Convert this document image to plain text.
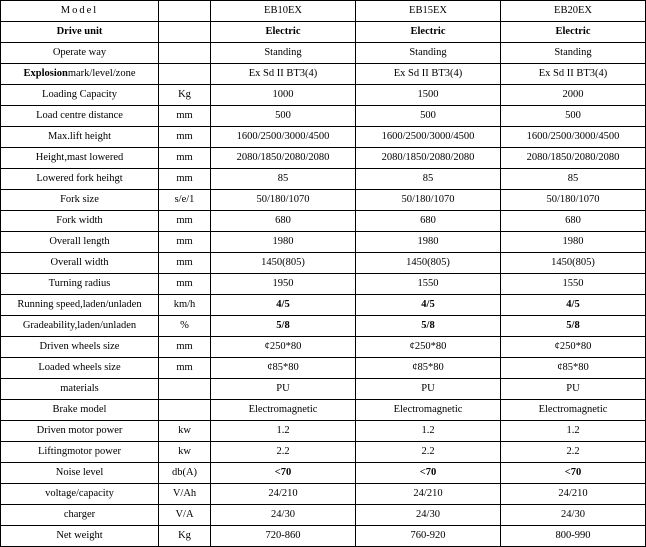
Model		EB10EX	EB15EX	EB20EX
Drive unit		Electric	Electric	Electric
Operate way		Standing	Standing	Standing
Explosionmark/level/zone		Ex Sd II BT3(4)	Ex Sd II BT3(4)	Ex Sd II BT3(4)
Loading Capacity	Kg	1000	1500	2000
Load centre distance	mm	500	500	500
Max.lift height	mm	1600/2500/3000/4500	1600/2500/3000/4500	1600/2500/3000/4500
Height,mast lowered	mm	2080/1850/2080/2080	2080/1850/2080/2080	2080/1850/2080/2080
Lowered fork heihgt	mm	85	85	85
Fork size	s/e/1	50/180/1070	50/180/1070	50/180/1070
Fork width	mm	680	680	680
Overall length	mm	1980	1980	1980
Overall width	mm	1450(805)	1450(805)	1450(805)
Turning radius	mm	1950	1550	1550
Running speed,laden/unladen	km/h	4/5	4/5	4/5
Gradeability,laden/unladen	%	5/8	5/8	5/8
Driven wheels size	mm	¢250*80	¢250*80	¢250*80
Loaded wheels size	mm	¢85*80	¢85*80	¢85*80
materials		PU	PU	PU
Brake model		Electromagnetic	Electromagnetic	Electromagnetic
Driven motor power	kw	1.2	1.2	1.2
Liftingmotor power	kw	2.2	2.2	2.2
Noise level	db(A)	<70	<70	<70
voltage/capacity	V/Ah	24/210	24/210	24/210
charger	V/A	24/30	24/30	24/30
Net weight	Kg	720-860	760-920	800-990
